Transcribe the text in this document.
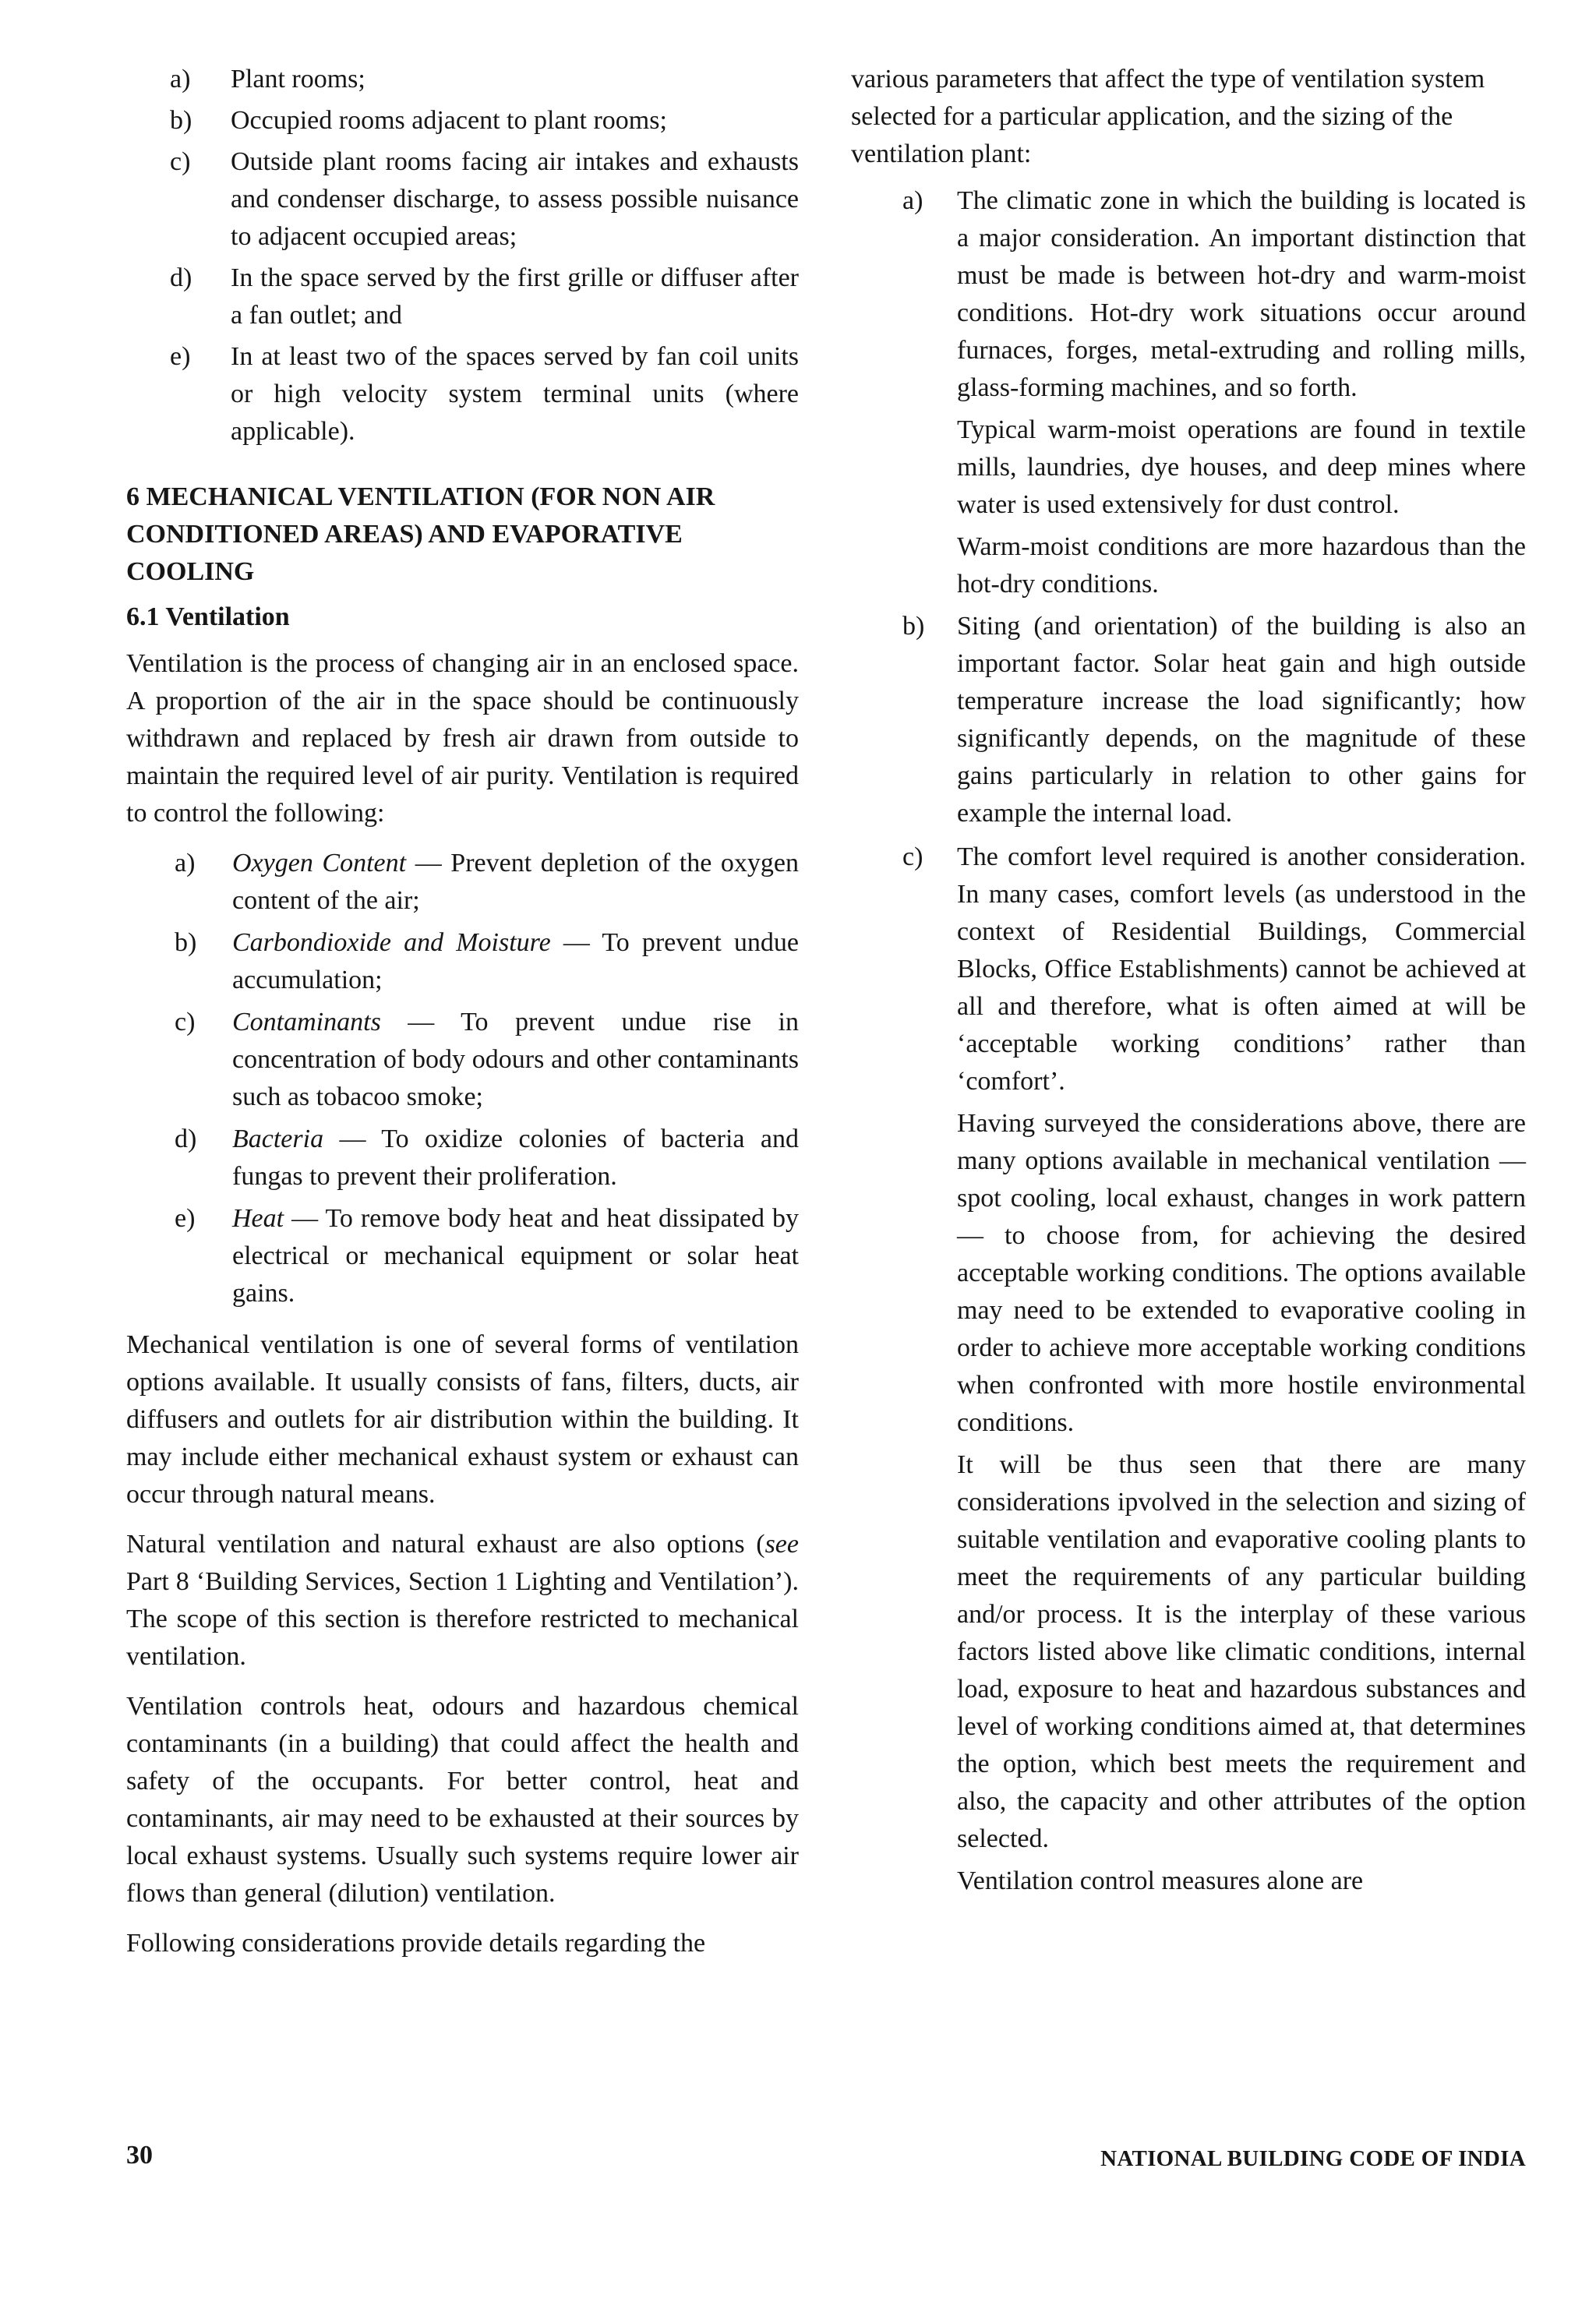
a)	Plant rooms;
b)	Occupied rooms adjacent to plant rooms;
c)	Outside plant rooms facing air intakes and exhausts and condenser discharge, to assess possible nuisance to adjacent occupied areas;
d)	In the space served by the first grille or diffuser after a fan outlet; and
e)	In at least two of the spaces served by fan coil units or high velocity system terminal units (where applicable).

6 MECHANICAL VENTILATION (FOR NON AIR CONDITIONED AREAS) AND EVAPORATIVE COOLING

6.1 Ventilation

Ventilation is the process of changing air in an enclosed space. A proportion of the air in the space should be continuously withdrawn and replaced by fresh air drawn from outside to maintain the required level of air purity. Ventilation is required to control the following:

a)	Oxygen Content — Prevent depletion of the oxygen content of the air;
b)	Carbondioxide and Moisture — To prevent undue accumulation;
c)	Contaminants — To prevent undue rise in concentration of body odours and other contaminants such as tobacoo smoke;
d)	Bacteria — To oxidize colonies of bacteria and fungas to prevent their proliferation.
e)	Heat — To remove body heat and heat dissipated by electrical or mechanical equipment or solar heat gains.

Mechanical ventilation is one of several forms of ventilation options available. It usually consists of fans, filters, ducts, air diffusers and outlets for air distribution within the building. It may include either mechanical exhaust system or exhaust can occur through natural means.

Natural ventilation and natural exhaust are also options (see Part 8 ‘Building Services, Section 1 Lighting and Ventilation’). The scope of this section is therefore restricted to mechanical ventilation.

Ventilation controls heat, odours and hazardous chemical contaminants (in a building) that could affect the health and safety of the occupants. For better control, heat and contaminants, air may need to be exhausted at their sources by local exhaust systems. Usually such systems require lower air flows than general (dilution) ventilation.

Following considerations provide details regarding the

various parameters that affect the type of ventilation system selected for a particular application, and the sizing of the ventilation plant:

a)	The climatic zone in which the building is located is a major consideration. An important distinction that must be made is between hot-dry and warm-moist conditions. Hot-dry work situations occur around furnaces, forges, metal-extruding and rolling mills, glass-forming machines, and so forth.

Typical warm-moist operations are found in textile mills, laundries, dye houses, and deep mines where water is used extensively for dust control.

Warm-moist conditions are more hazardous than the hot-dry conditions.

b)	Siting (and orientation) of the building is also an important factor. Solar heat gain and high outside temperature increase the load significantly; how significantly depends, on the magnitude of these gains particularly in relation to other gains for example the internal load.

c)	The comfort level required is another consideration. In many cases, comfort levels (as understood in the context of Residential Buildings, Commercial Blocks, Office Establishments) cannot be achieved at all and therefore, what is often aimed at will be ‘acceptable working conditions’ rather than ‘comfort’.

Having surveyed the considerations above, there are many options available in mechanical ventilation — spot cooling, local exhaust, changes in work pattern — to choose from, for achieving the desired acceptable working conditions. The options available may need to be extended to evaporative cooling in order to achieve more acceptable working conditions when confronted with more hostile environmental conditions.

It will be thus seen that there are many considerations ipvolved in the selection and sizing of suitable ventilation and evaporative cooling plants to meet the requirements of any particular building and/or process. It is the interplay of these various factors listed above like climatic conditions, internal load, exposure to heat and hazardous substances and level of working conditions aimed at, that determines the option, which best meets the requirement and also, the capacity and other attributes of the option selected.

Ventilation control measures alone are

30	NATIONAL BUILDING CODE OF INDIA
